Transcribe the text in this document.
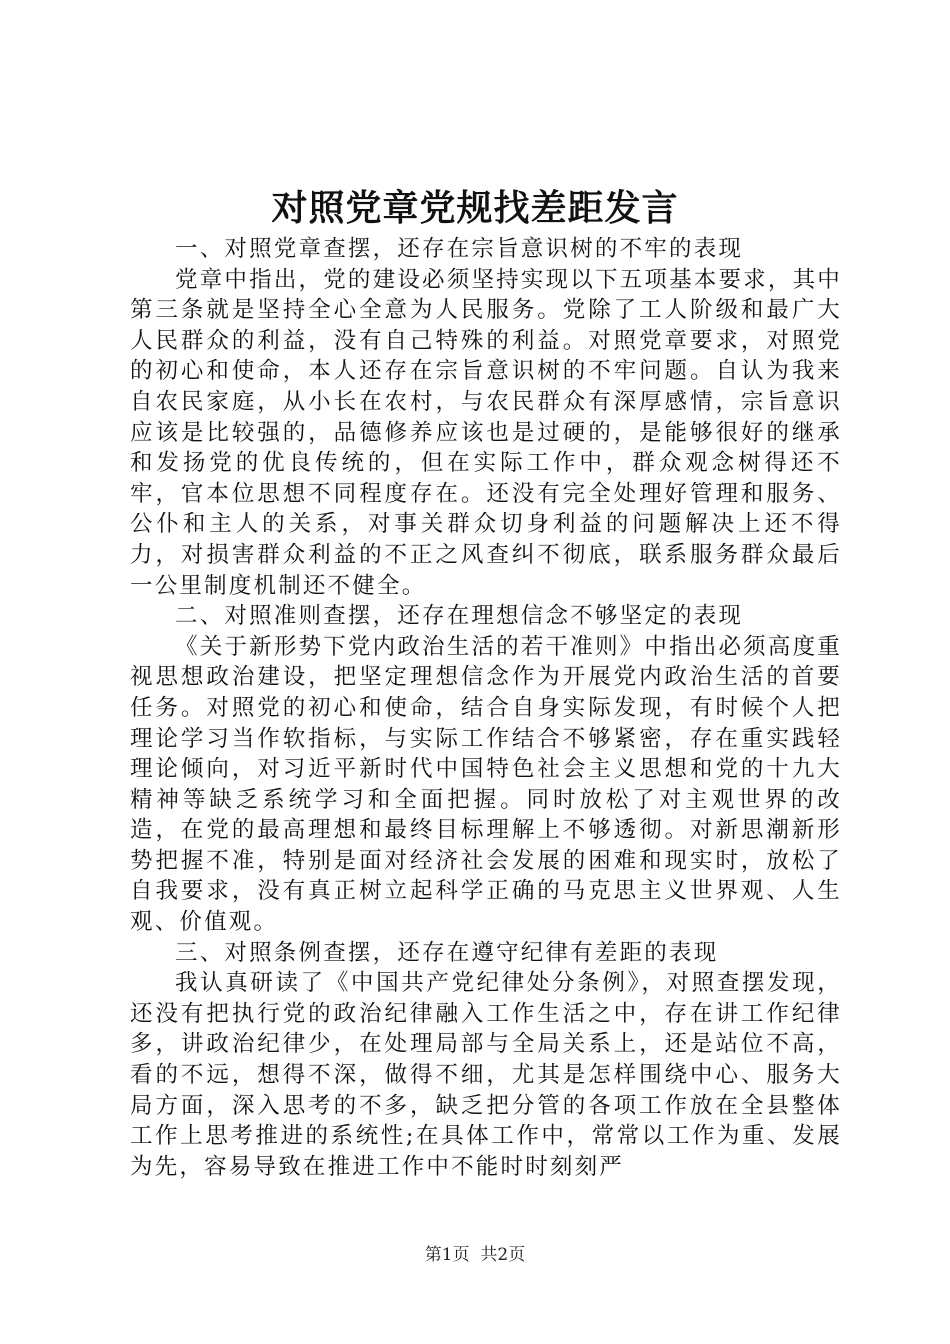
对照党章党规找差距发言

一、对照党章查摆，还存在宗旨意识树的不牢的表现

党章中指出，党的建设必须坚持实现以下五项基本要求，其中第三条就是坚持全心全意为人民服务。党除了工人阶级和最广大人民群众的利益，没有自己特殊的利益。对照党章要求，对照党的初心和使命，本人还存在宗旨意识树的不牢问题。自认为我来自农民家庭，从小长在农村，与农民群众有深厚感情，宗旨意识应该是比较强的，品德修养应该也是过硬的，是能够很好的继承和发扬党的优良传统的，但在实际工作中，群众观念树得还不牢，官本位思想不同程度存在。还没有完全处理好管理和服务、公仆和主人的关系，对事关群众切身利益的问题解决上还不得力，对损害群众利益的不正之风查纠不彻底，联系服务群众最后一公里制度机制还不健全。

二、对照准则查摆，还存在理想信念不够坚定的表现

《关于新形势下党内政治生活的若干准则》中指出必须高度重视思想政治建设，把坚定理想信念作为开展党内政治生活的首要任务。对照党的初心和使命，结合自身实际发现，有时候个人把理论学习当作软指标，与实际工作结合不够紧密，存在重实践轻理论倾向，对习近平新时代中国特色社会主义思想和党的十九大精神等缺乏系统学习和全面把握。同时放松了对主观世界的改造，在党的最高理想和最终目标理解上不够透彻。对新思潮新形势把握不准，特别是面对经济社会发展的困难和现实时，放松了自我要求，没有真正树立起科学正确的马克思主义世界观、人生观、价值观。

三、对照条例查摆，还存在遵守纪律有差距的表现

我认真研读了《中国共产党纪律处分条例》，对照查摆发现，还没有把执行党的政治纪律融入工作生活之中，存在讲工作纪律多，讲政治纪律少，在处理局部与全局关系上，还是站位不高，看的不远，想得不深，做得不细，尤其是怎样围绕中心、服务大局方面，深入思考的不多，缺乏把分管的各项工作放在全县整体工作上思考推进的系统性;在具体工作中，常常以工作为重、发展为先，容易导致在推进工作中不能时时刻刻严

第1页 共2页
